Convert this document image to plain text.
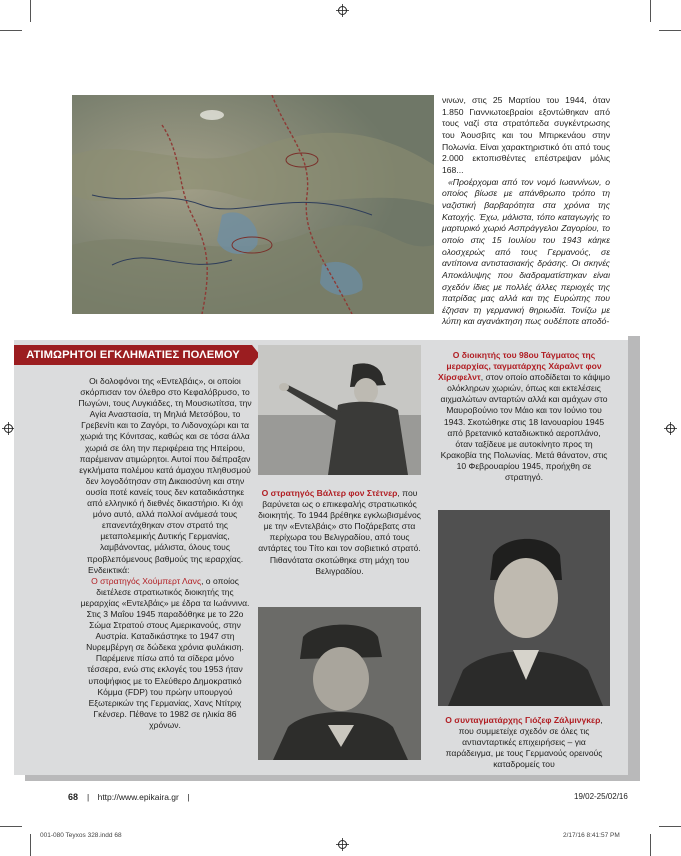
νινων, στις 25 Μαρτίου του 1944, όταν 1.850 Γιαννιωτοεβραίοι εξοντώθηκαν από τους ναζί στα στρατόπεδα συγκέντρωσης του Άουσβιτς και του Μπιρκενάου στην Πολωνία. Είναι χαρακτηριστικό ότι από τους 2.000 εκτοπισθέντες επέστρεψαν μόλις 168...

«Προέρχομαι από τον νομό Ιωαννίνων, ο οποίος βίωσε με απάνθρωπο τρόπο τη ναζιστική βαρβαρότητα στα χρόνια της Κατοχής. Έχω, μάλιστα, τόπο καταγωγής το μαρτυρικό χωριό Ασπράγγελοι Ζαγορίου, το οποίο στις 15 Ιουλίου του 1943 κάηκε ολοσχερώς από τους Γερμανούς, σε αντίποινα αντιστασιακής δράσης. Οι σκηνές Αποκάλυψης που διαδραματίστηκαν είναι σχεδόν ίδιες με πολλές άλλες περιοχές της πατρίδας μας αλλά και της Ευρώπης που έζησαν τη γερμανική θηριωδία. Τονίζω με λύπη και αγανάκτηση πως ουδέποτε αποδό-

ΑΤΙΜΩΡΗΤΟΙ ΕΓΚΛΗΜΑΤΙΕΣ ΠΟΛΕΜΟΥ

Οι δολοφόνοι της «Εντελβάις», οι οποίοι σκόρπισαν τον όλεθρο στο Κεφαλόβρυσο, το Πωγώνι, τους Λυγκιάδες, τη Μουσιωτίτσα, την Αγία Αναστασία, τη Μηλιά Μετσόβου, το Γρεβενίτι και το Ζαγόρι, το Λιδονοχώρι και τα χωριά της Κόνιτσας, καθώς και σε τόσα άλλα χωριά σε όλη την περιφέρεια της Ηπείρου, παρέμειναν ατιμώρητοι. Αυτοί που διέπραξαν εγκλήματα πολέμου κατά άμαχου πληθυσμού δεν λογοδότησαν στη Δικαιοσύνη και στην ουσία ποτέ κανείς τους δεν καταδικάστηκε από ελληνικό ή διεθνές δικαστήριο. Κι όχι μόνο αυτό, αλλά πολλοί ανάμεσά τους επανεντάχθηκαν στον στρατό της μεταπολεμικής Δυτικής Γερμανίας, λαμβάνοντας, μάλιστα, όλους τους προβλεπόμενους βαθμούς της ιεραρχίας.

Ενδεικτικά:

Ο στρατηγός Χούμπερτ Λανς, ο οποίος διετέλεσε στρατιωτικός διοικητής της μεραρχίας «Εντελβάις» με έδρα τα Ιωάννινα. Στις 3 Μαΐου 1945 παραδόθηκε με το 22ο Σώμα Στρατού στους Αμερικανούς, στην Αυστρία. Καταδικάστηκε το 1947 στη Νυρεμβέργη σε δώδεκα χρόνια φυλάκιση. Παρέμεινε πίσω από τα σίδερα μόνο τέσσερα, ενώ στις εκλογές του 1953 ήταν υποψήφιος με το Ελεύθερο Δημοκρατικό Κόμμα (FDP) του πρώην υπουργού Εξωτερικών της Γερμανίας, Χανς Ντίτριχ Γκένσερ. Πέθανε το 1982 σε ηλικία 86 χρόνων.

Ο στρατηγός Βάλτερ φον Στέτνερ, που βαρύνεται ως ο επικεφαλής στρατιωτικός διοικητής. Το 1944 βρέθηκε εγκλωβισμένος με την «Εντελβάις» στο Ποζάρεβατς στα περίχωρα του Βελιγραδίου, από τους αντάρτες του Τίτο και τον σοβιετικό στρατό. Πιθανότατα σκοτώθηκε στη μάχη του Βελιγραδίου.

Ο διοικητής του 98ου Τάγματος της μεραρχίας, ταγματάρχης Χάραλντ φον Χίρσφελντ, στον οποίο αποδίδεται το κάψιμο ολόκληρων χωριών, όπως και εκτελέσεις αιχμαλώτων ανταρτών αλλά και αμάχων στο Μαυροβούνιο τον Μάιο και τον Ιούνιο του 1943. Σκοτώθηκε στις 18 Ιανουαρίου 1945 από βρετανικό καταδιωκτικό αεροπλάνο, όταν ταξίδευε με αυτοκίνητο προς τη Κρακοβία της Πολωνίας. Μετά θάνατον, στις 10 Φεβρουαρίου 1945, προήχθη σε στρατηγό.

Ο συνταγματάρχης Γιόζεφ Ζάλμινγκερ, που συμμετείχε σχεδόν σε όλες τις αντιανταρτικές επιχειρήσεις – για παράδειγμα, με τους Γερμανούς ορεινούς καταδρομείς του

68 | http://www.epikaira.gr |	19/02-25/02/16
001-080 Teyxos 328.indd 68	2/17/16 8:41:57 PM
